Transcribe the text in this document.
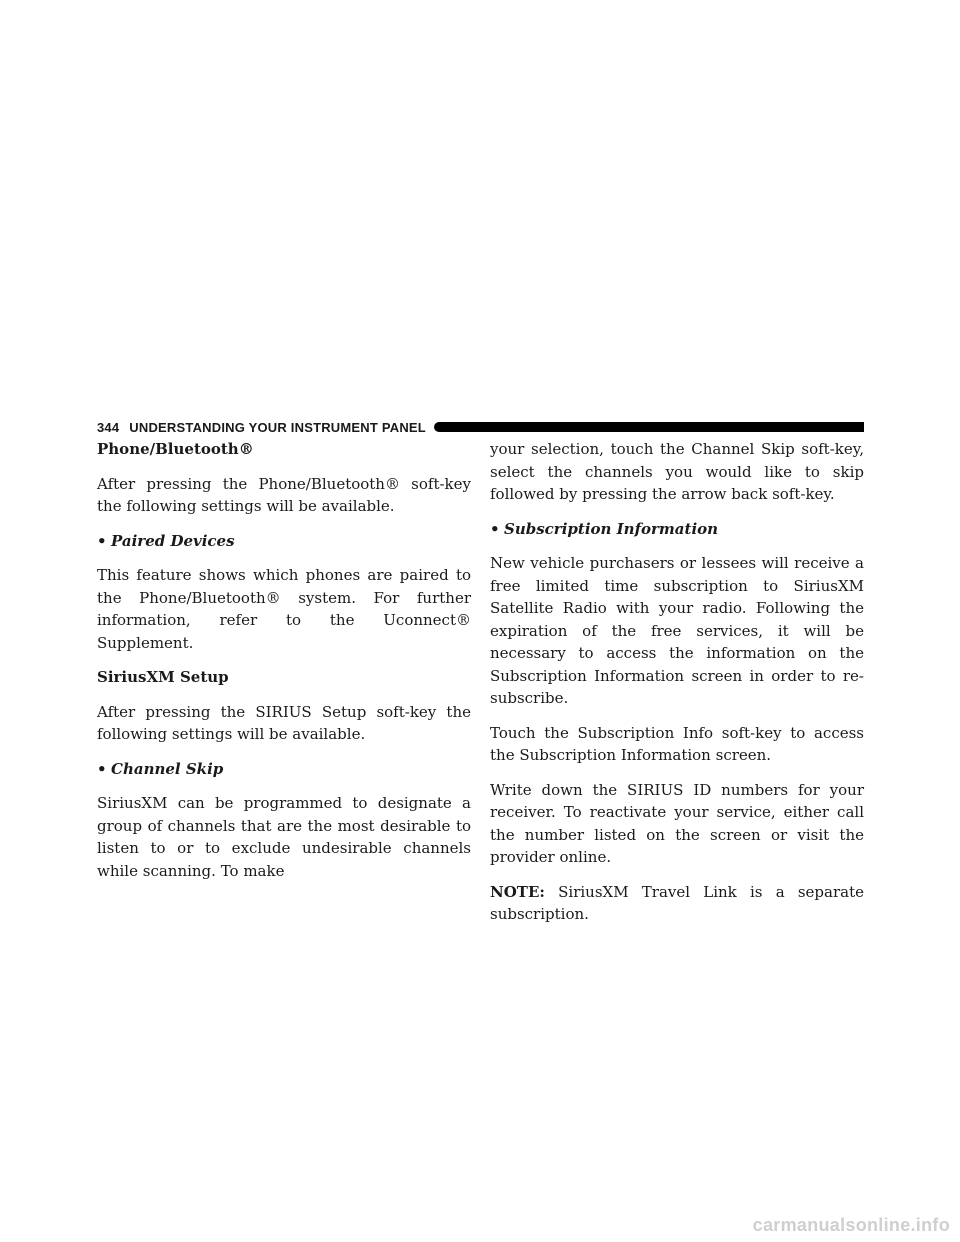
344 UNDERSTANDING YOUR INSTRUMENT PANEL
Phone/Bluetooth®

After pressing the Phone/Bluetooth® soft-key the following settings will be available.

• Paired Devices

This feature shows which phones are paired to the Phone/Bluetooth® system. For further information, refer to the Uconnect® Supplement.

SiriusXM Setup

After pressing the SIRIUS Setup soft-key the following settings will be available.

• Channel Skip

SiriusXM can be programmed to designate a group of channels that are the most desirable to listen to or to exclude undesirable channels while scanning. To make

your selection, touch the Channel Skip soft-key, select the channels you would like to skip followed by pressing the arrow back soft-key.

• Subscription Information

New vehicle purchasers or lessees will receive a free limited time subscription to SiriusXM Satellite Radio with your radio. Following the expiration of the free services, it will be necessary to access the information on the Subscription Information screen in order to re-subscribe.

Touch the Subscription Info soft-key to access the Subscription Information screen.

Write down the SIRIUS ID numbers for your receiver. To reactivate your service, either call the number listed on the screen or visit the provider online.

NOTE: SiriusXM Travel Link is a separate subscription.

carmanualsonline.info
